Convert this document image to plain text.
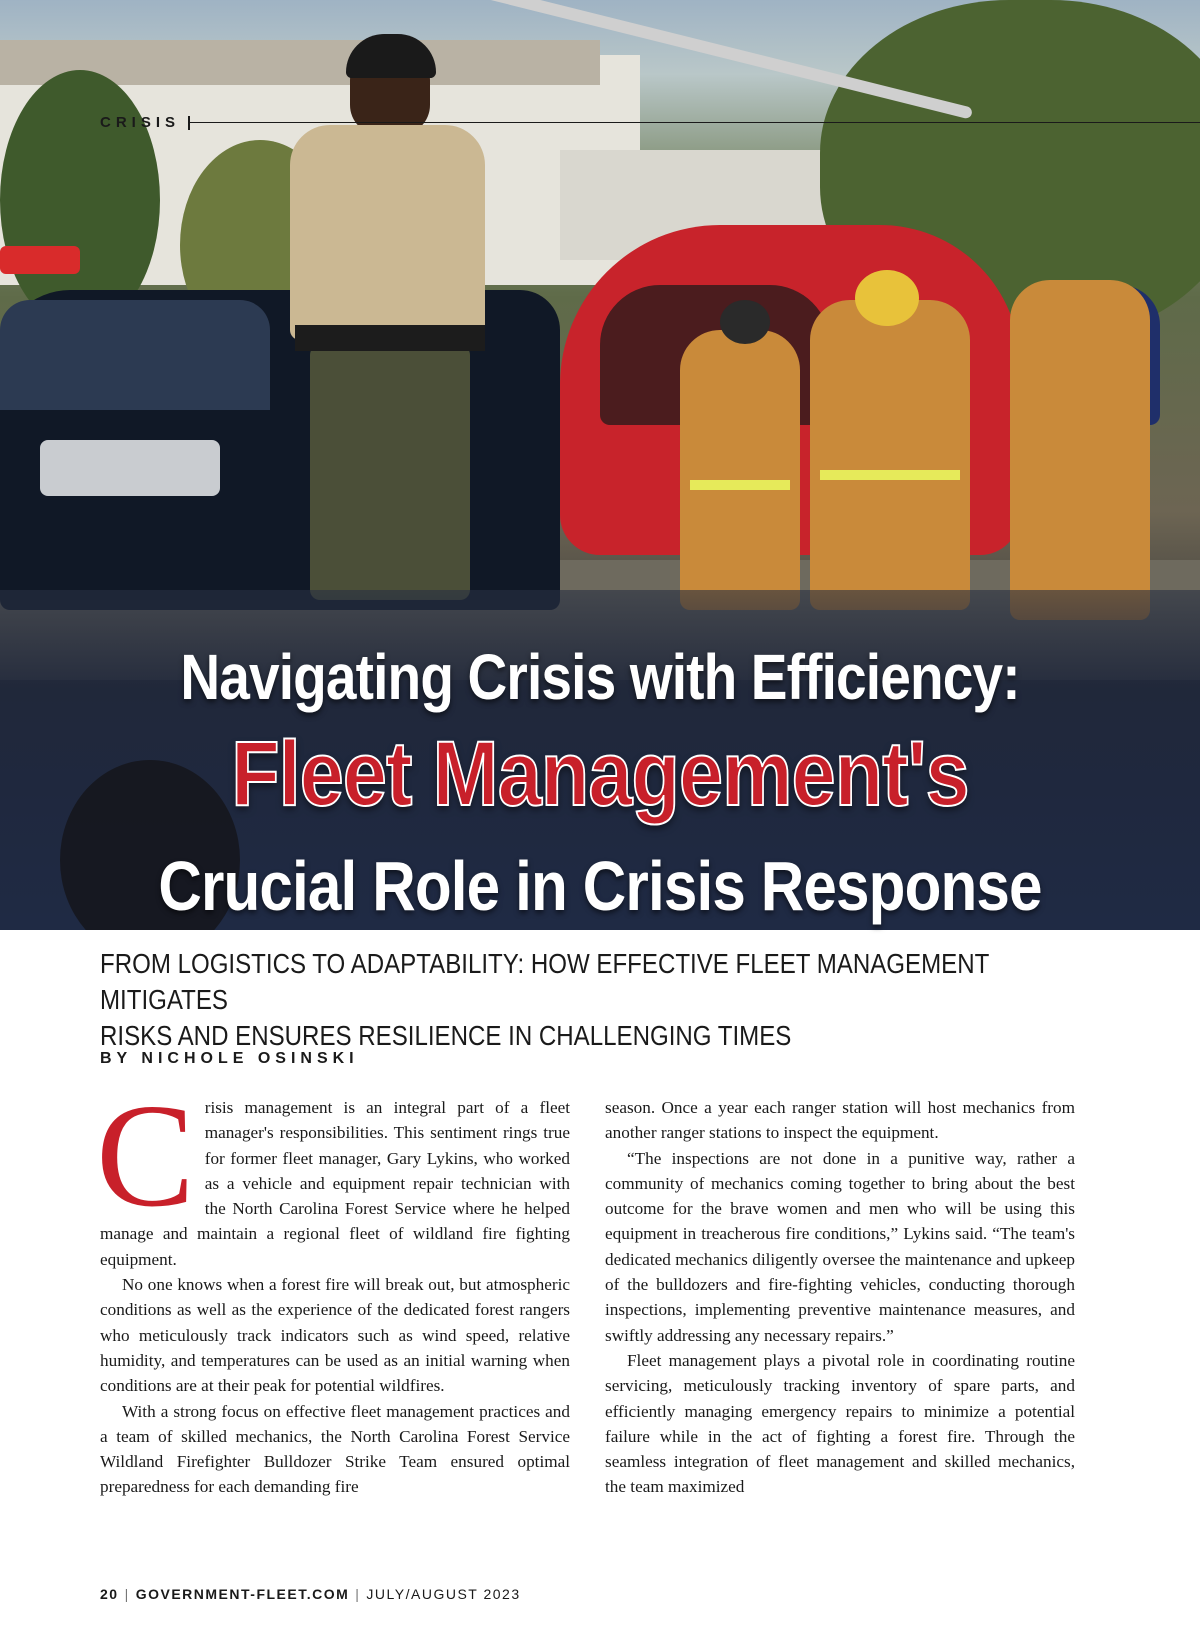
CRISIS
Navigating Crisis with Efficiency:
Fleet Management's
Crucial Role in Crisis Response
FROM LOGISTICS TO ADAPTABILITY: HOW EFFECTIVE FLEET MANAGEMENT MITIGATES
RISKS AND ENSURES RESILIENCE IN CHALLENGING TIMES
BY NICHOLE OSINSKI

Crisis management is an integral part of a fleet manager's responsibilities. This sentiment rings true for former fleet manager, Gary Lykins, who worked as a vehicle and equipment repair technician with the North Carolina Forest Service where he helped manage and maintain a regional fleet of wildland fire fighting equipment.

No one knows when a forest fire will break out, but atmospheric conditions as well as the experience of the dedicated forest rangers who meticulously track indicators such as wind speed, relative humidity, and temperatures can be used as an initial warning when conditions are at their peak for potential wildfires.

With a strong focus on effective fleet management practices and a team of skilled mechanics, the North Carolina Forest Service Wildland Firefighter Bulldozer Strike Team ensured optimal preparedness for each demanding fire

season. Once a year each ranger station will host mechanics from another ranger stations to inspect the equipment.

“The inspections are not done in a punitive way, rather a community of mechanics coming together to bring about the best outcome for the brave women and men who will be using this equipment in treacherous fire conditions,” Lykins said. “The team's dedicated mechanics diligently oversee the maintenance and upkeep of the bulldozers and fire-fighting vehicles, conducting thorough inspections, implementing preventive maintenance measures, and swiftly addressing any necessary repairs.”

Fleet management plays a pivotal role in coordinating routine servicing, meticulously tracking inventory of spare parts, and efficiently managing emergency repairs to minimize a potential failure while in the act of fighting a forest fire. Through the seamless integration of fleet management and skilled mechanics, the team maximized

20 | GOVERNMENT-FLEET.COM | JULY/AUGUST 2023
